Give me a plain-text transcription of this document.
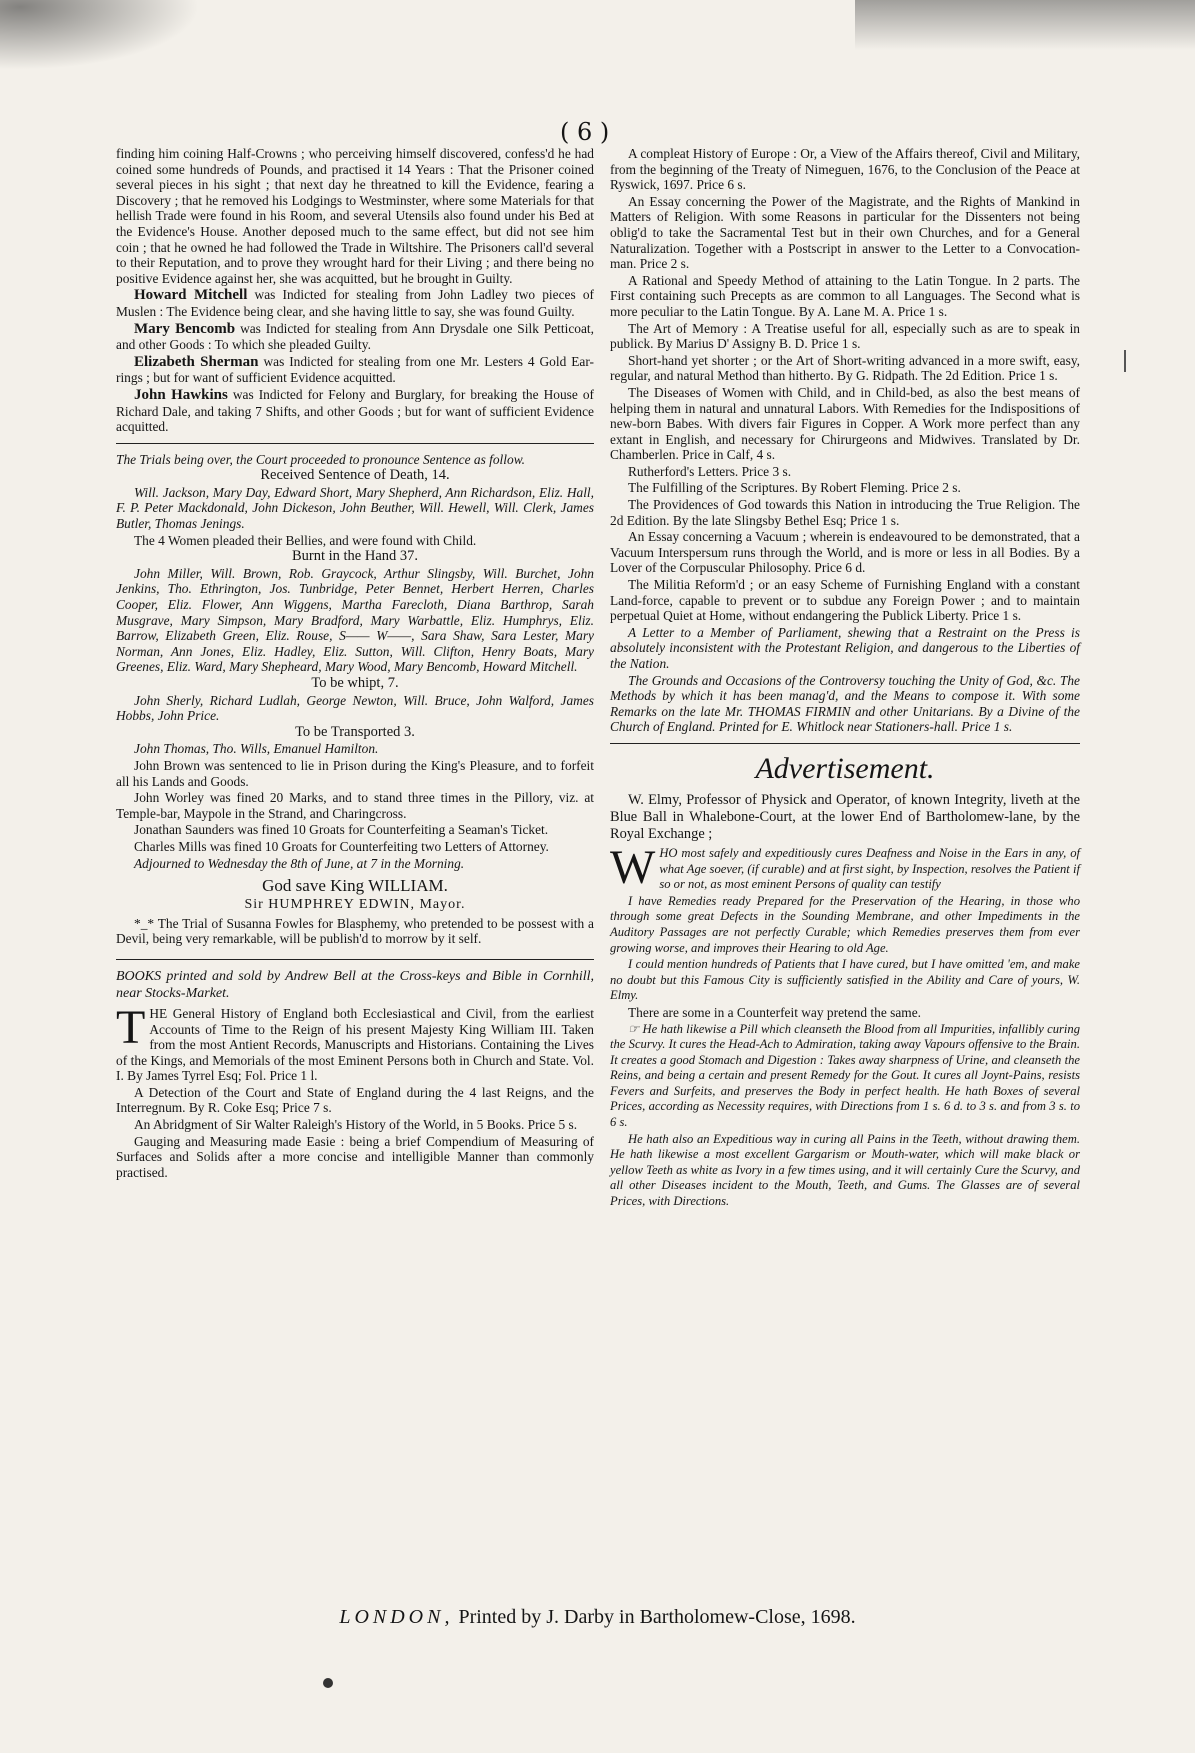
( 6 )

finding him coining Half-Crowns ; who perceiving himself discovered, confess'd he had coined some hundreds of Pounds, and practised it 14 Years : That the Prisoner coined several pieces in his sight ; that next day he threatned to kill the Evidence, fearing a Discovery ; that he removed his Lodgings to Westminster, where some Materials for that hellish Trade were found in his Room, and several Utensils also found under his Bed at the Evidence's House. Another deposed much to the same effect, but did not see him coin ; that he owned he had followed the Trade in Wiltshire. The Prisoners call'd several to their Reputation, and to prove they wrought hard for their Living ; and there being no positive Evidence against her, she was acquitted, but he brought in Guilty.

Howard Mitchell was Indicted for stealing from John Ladley two pieces of Muslen : The Evidence being clear, and she having little to say, she was found Guilty.

Mary Bencomb was Indicted for stealing from Ann Drysdale one Silk Petticoat, and other Goods : To which she pleaded Guilty.

Elizabeth Sherman was Indicted for stealing from one Mr. Lesters 4 Gold Ear-rings ; but for want of sufficient Evidence acquitted.

John Hawkins was Indicted for Felony and Burglary, for breaking the House of Richard Dale, and taking 7 Shifts, and other Goods ; but for want of sufficient Evidence acquitted.

The Trials being over, the Court proceeded to pronounce Sentence as follow.

Received Sentence of Death, 14.

Will. Jackson, Mary Day, Edward Short, Mary Shepherd, Ann Richardson, Eliz. Hall, F. P. Peter Mackdonald, John Dickeson, John Beuther, Will. Hewell, Will. Clerk, James Butler, Thomas Jenings.

The 4 Women pleaded their Bellies, and were found with Child.

Burnt in the Hand 37.

John Miller, Will. Brown, Rob. Graycock, Arthur Slingsby, Will. Burchet, John Jenkins, Tho. Ethrington, Jos. Tunbridge, Peter Bennet, Herbert Herren, Charles Cooper, Eliz. Flower, Ann Wiggens, Martha Farecloth, Diana Barthrop, Sarah Musgrave, Mary Simpson, Mary Bradford, Mary Warbattle, Eliz. Humphrys, Eliz. Barrow, Elizabeth Green, Eliz. Rouse, S—— W——, Sara Shaw, Sara Lester, Mary Norman, Ann Jones, Eliz. Hadley, Eliz. Sutton, Will. Clifton, Henry Boats, Mary Greenes, Eliz. Ward, Mary Shepheard, Mary Wood, Mary Bencomb, Howard Mitchell.

To be whipt, 7.

John Sherly, Richard Ludlah, George Newton, Will. Bruce, John Walford, James Hobbs, John Price.

To be Transported 3.

John Thomas, Tho. Wills, Emanuel Hamilton.

John Brown was sentenced to lie in Prison during the King's Pleasure, and to forfeit all his Lands and Goods.

John Worley was fined 20 Marks, and to stand three times in the Pillory, viz. at Temple-bar, Maypole in the Strand, and Charingcross.

Jonathan Saunders was fined 10 Groats for Counterfeiting a Seaman's Ticket.

Charles Mills was fined 10 Groats for Counterfeiting two Letters of Attorney.

Adjourned to Wednesday the 8th of June, at 7 in the Morning.

God save King WILLIAM.

Sir HUMPHREY EDWIN, Mayor.

*_* The Trial of Susanna Fowles for Blasphemy, who pretended to be possest with a Devil, being very remarkable, will be publish'd to morrow by it self.

BOOKS printed and sold by Andrew Bell at the Cross-keys and Bible in Cornhill, near Stocks-Market.

THE General History of England both Ecclesiastical and Civil, from the earliest Accounts of Time to the Reign of his present Majesty King William III. Taken from the most Antient Records, Manuscripts and Historians. Containing the Lives of the Kings, and Memorials of the most Eminent Persons both in Church and State. Vol. I. By James Tyrrel Esq; Fol. Price 1 l.

A Detection of the Court and State of England during the 4 last Reigns, and the Interregnum. By R. Coke Esq; Price 7 s.

An Abridgment of Sir Walter Raleigh's History of the World, in 5 Books. Price 5 s.

Gauging and Measuring made Easie : being a brief Compendium of Measuring of Surfaces and Solids after a more concise and intelligible Manner than commonly practised.

A compleat History of Europe : Or, a View of the Affairs thereof, Civil and Military, from the beginning of the Treaty of Nimeguen, 1676, to the Conclusion of the Peace at Ryswick, 1697. Price 6 s.

An Essay concerning the Power of the Magistrate, and the Rights of Mankind in Matters of Religion. With some Reasons in particular for the Dissenters not being oblig'd to take the Sacramental Test but in their own Churches, and for a General Naturalization. Together with a Postscript in answer to the Letter to a Convocation-man. Price 2 s.

A Rational and Speedy Method of attaining to the Latin Tongue. In 2 parts. The First containing such Precepts as are common to all Languages. The Second what is more peculiar to the Latin Tongue. By A. Lane M. A. Price 1 s.

The Art of Memory : A Treatise useful for all, especially such as are to speak in publick. By Marius D' Assigny B. D. Price 1 s.

Short-hand yet shorter ; or the Art of Short-writing advanced in a more swift, easy, regular, and natural Method than hitherto. By G. Ridpath. The 2d Edition. Price 1 s.

The Diseases of Women with Child, and in Child-bed, as also the best means of helping them in natural and unnatural Labors. With Remedies for the Indispositions of new-born Babes. With divers fair Figures in Copper. A Work more perfect than any extant in English, and necessary for Chirurgeons and Midwives. Translated by Dr. Chamberlen. Price in Calf, 4 s.

Rutherford's Letters. Price 3 s.

The Fulfilling of the Scriptures. By Robert Fleming. Price 2 s.

The Providences of God towards this Nation in introducing the True Religion. The 2d Edition. By the late Slingsby Bethel Esq; Price 1 s.

An Essay concerning a Vacuum ; wherein is endeavoured to be demonstrated, that a Vacuum Interspersum runs through the World, and is more or less in all Bodies. By a Lover of the Corpuscular Philosophy. Price 6 d.

The Militia Reform'd ; or an easy Scheme of Furnishing England with a constant Land-force, capable to prevent or to subdue any Foreign Power ; and to maintain perpetual Quiet at Home, without endangering the Publick Liberty. Price 1 s.

A Letter to a Member of Parliament, shewing that a Restraint on the Press is absolutely inconsistent with the Protestant Religion, and dangerous to the Liberties of the Nation.

The Grounds and Occasions of the Controversy touching the Unity of God, &c. The Methods by which it has been manag'd, and the Means to compose it. With some Remarks on the late Mr. THOMAS FIRMIN and other Unitarians. By a Divine of the Church of England. Printed for E. Whitlock near Stationers-hall. Price 1 s.

Advertisement.

W. Elmy, Professor of Physick and Operator, of known Integrity, liveth at the Blue Ball in Whalebone-Court, at the lower End of Bartholomew-lane, by the Royal Exchange ;

WHO most safely and expeditiously cures Deafness and Noise in the Ears in any, of what Age soever, (if curable) and at first sight, by Inspection, resolves the Patient if so or not, as most eminent Persons of quality can testify

I have Remedies ready Prepared for the Preservation of the Hearing, in those who through some great Defects in the Sounding Membrane, and other Impediments in the Auditory Passages are not perfectly Curable; which Remedies preserves them from ever growing worse, and improves their Hearing to old Age.

I could mention hundreds of Patients that I have cured, but I have omitted 'em, and make no doubt but this Famous City is sufficiently satisfied in the Ability and Care of yours, W. Elmy.

There are some in a Counterfeit way pretend the same.

☞ He hath likewise a Pill which cleanseth the Blood from all Impurities, infallibly curing the Scurvy. It cures the Head-Ach to Admiration, taking away Vapours offensive to the Brain. It creates a good Stomach and Digestion : Takes away sharpness of Urine, and cleanseth the Reins, and being a certain and present Remedy for the Gout. It cures all Joynt-Pains, resists Fevers and Surfeits, and preserves the Body in perfect health. He hath Boxes of several Prices, according as Necessity requires, with Directions from 1 s. 6 d. to 3 s. and from 3 s. to 6 s.

He hath also an Expeditious way in curing all Pains in the Teeth, without drawing them. He hath likewise a most excellent Gargarism or Mouth-water, which will make black or yellow Teeth as white as Ivory in a few times using, and it will certainly Cure the Scurvy, and all other Diseases incident to the Mouth, Teeth, and Gums. The Glasses are of several Prices, with Directions.

LONDON, Printed by J. Darby in Bartholomew-Close, 1698.
